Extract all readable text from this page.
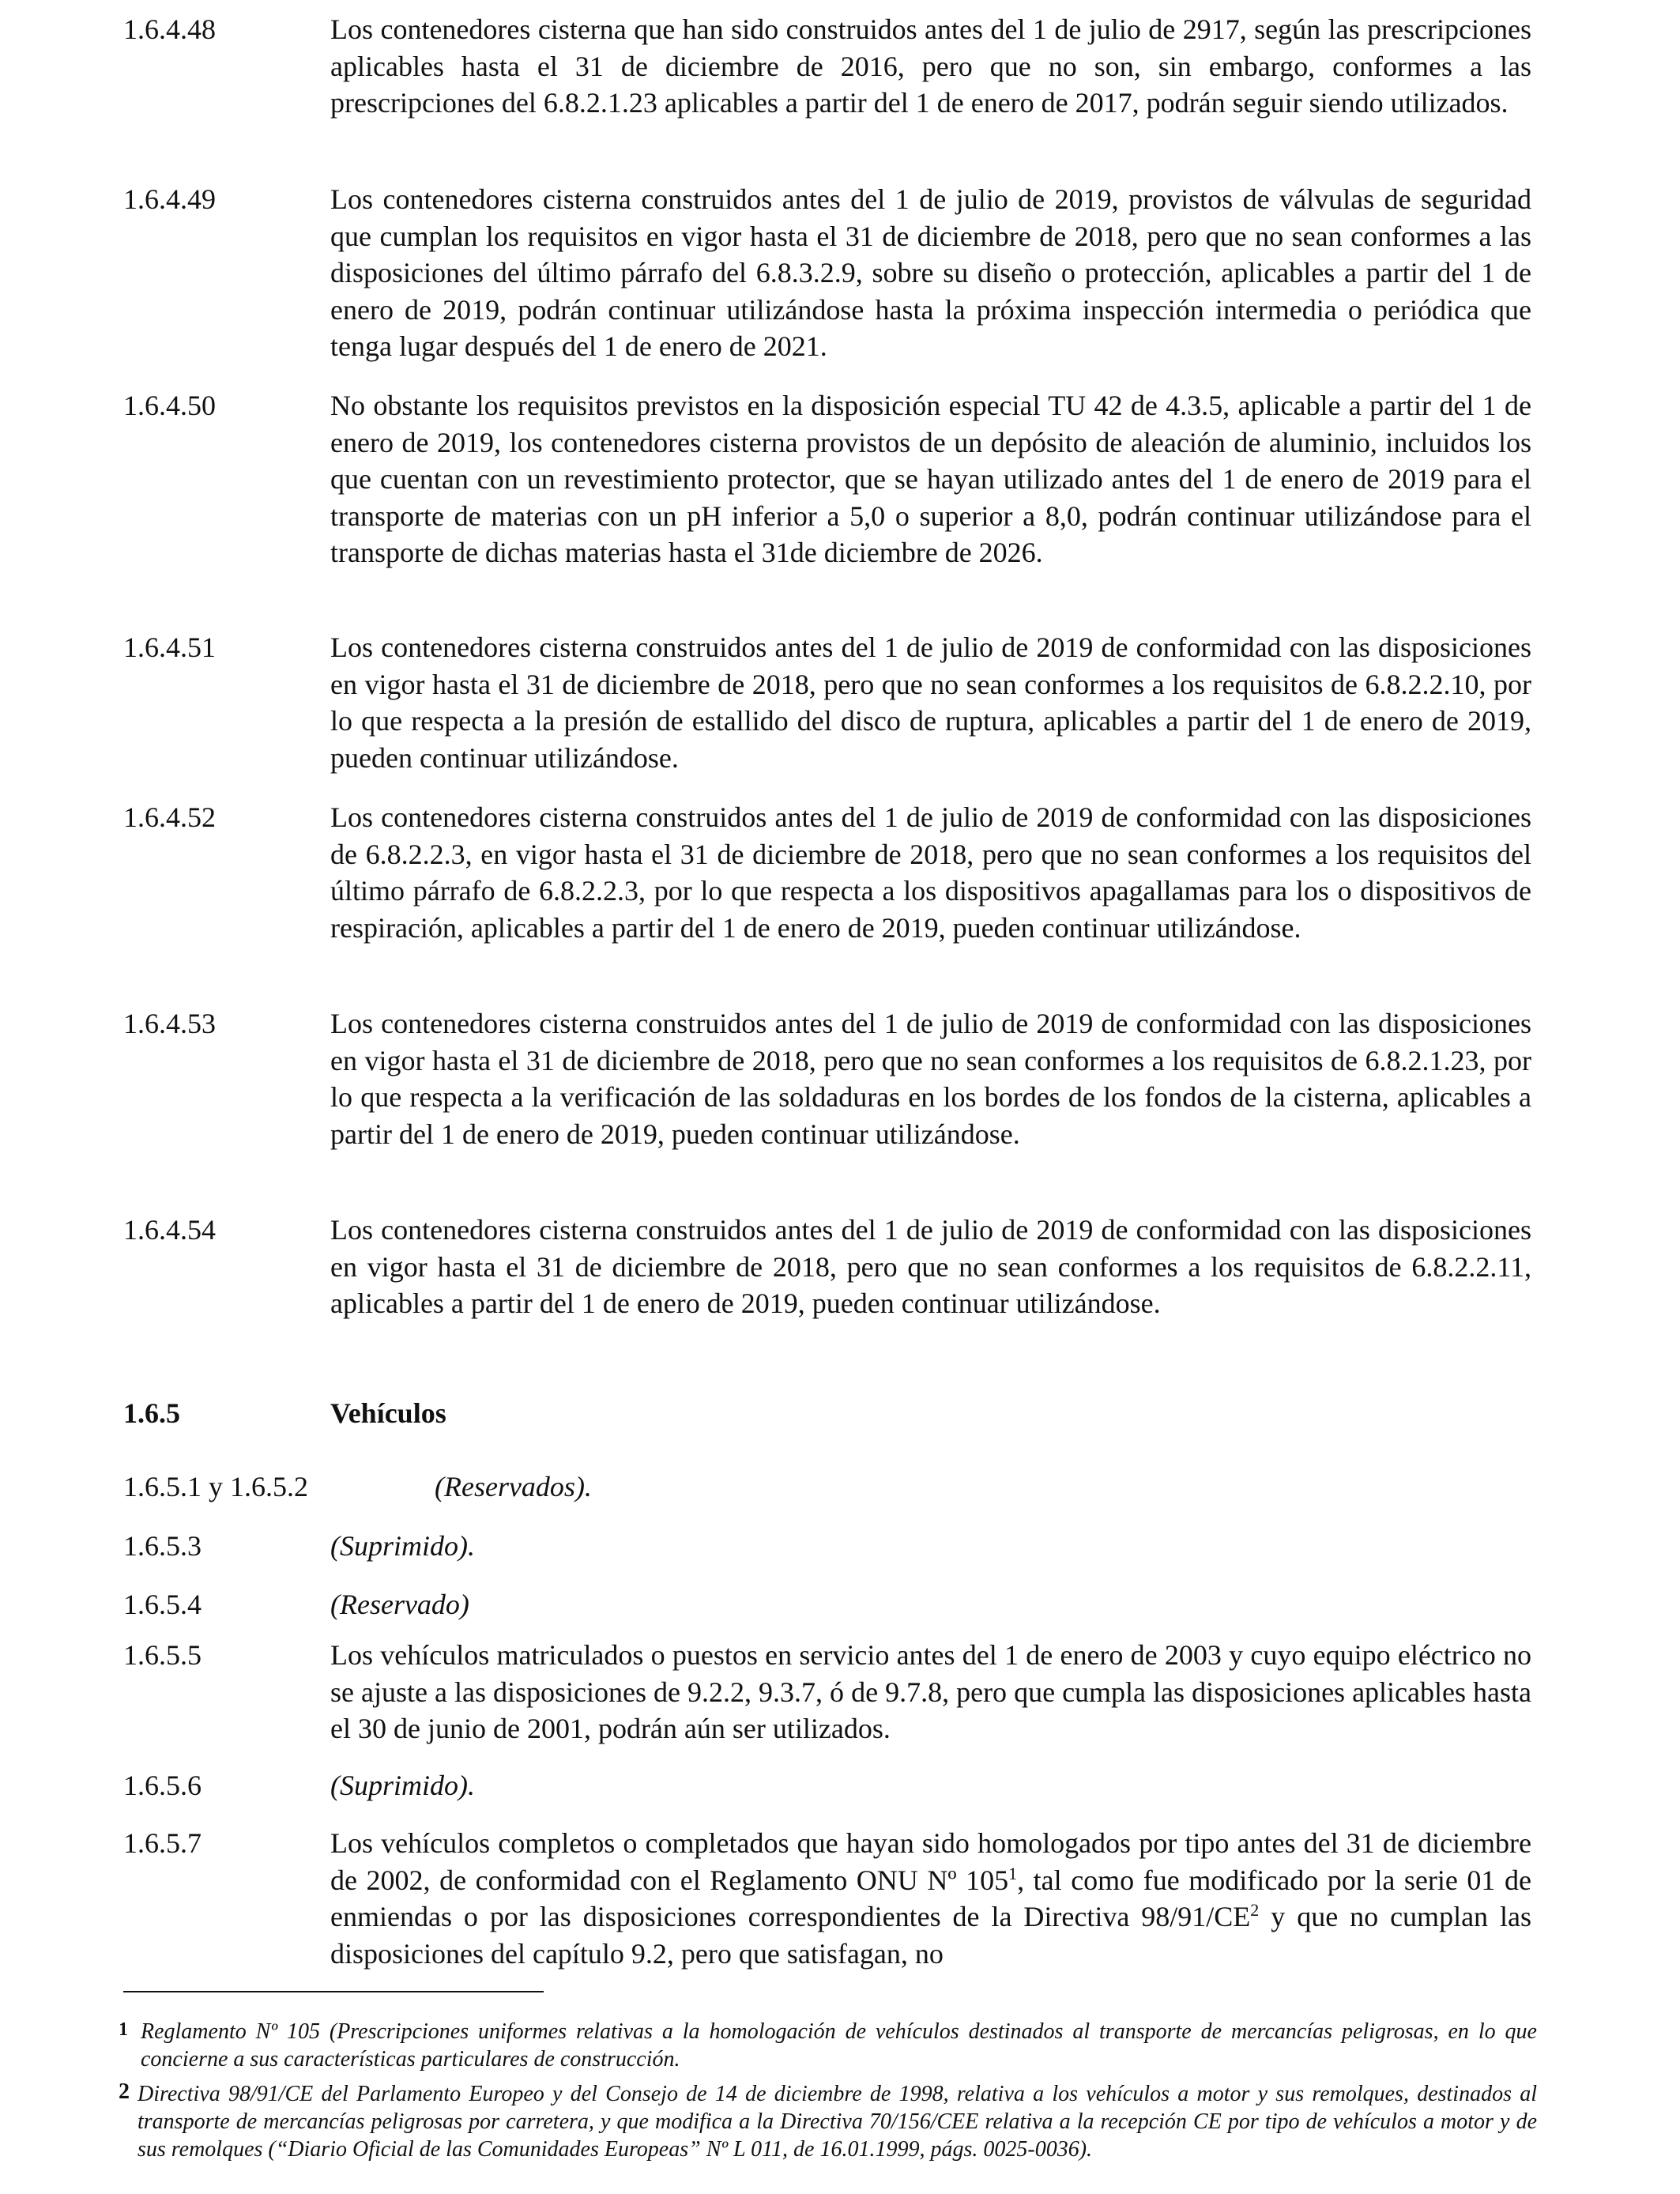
1.6.4.48	Los contenedores cisterna que han sido construidos antes del 1 de julio de 2917, según las prescripciones aplicables hasta el 31 de diciembre de 2016, pero que no son, sin embargo, conformes a las prescripciones del 6.8.2.1.23 aplicables a partir del 1 de enero de 2017, podrán seguir siendo utilizados.
1.6.4.49	Los contenedores cisterna construidos antes del 1 de julio de 2019, provistos de válvulas de seguridad que cumplan los requisitos en vigor hasta el 31 de diciembre de 2018, pero que no sean conformes a las disposiciones del último párrafo del 6.8.3.2.9, sobre su diseño o protección, aplicables a partir del 1 de enero de 2019, podrán continuar utilizándose hasta la próxima inspección intermedia o periódica que tenga lugar después del 1 de enero de 2021.
1.6.4.50	No obstante los requisitos previstos en la disposición especial TU 42 de 4.3.5, aplicable a partir del 1 de enero de 2019, los contenedores cisterna provistos de un depósito de aleación de aluminio, incluidos los que cuentan con un revestimiento protector, que se hayan utilizado antes del 1 de enero de 2019 para el transporte de materias con un pH inferior a 5,0 o superior a 8,0, podrán continuar utilizándose para el transporte de dichas materias hasta el 31de diciembre de 2026.
1.6.4.51	Los contenedores cisterna construidos antes del 1 de julio de 2019 de conformidad con las disposiciones en vigor hasta el 31 de diciembre de 2018, pero que no sean conformes a los requisitos de 6.8.2.2.10, por lo que respecta a la presión de estallido del disco de ruptura, aplicables a partir del 1 de enero de 2019, pueden continuar utilizándose.
1.6.4.52	Los contenedores cisterna construidos antes del 1 de julio de 2019 de conformidad con las disposiciones de 6.8.2.2.3, en vigor hasta el 31 de diciembre de 2018, pero que no sean conformes a los requisitos del último párrafo de 6.8.2.2.3, por lo que respecta a los dispositivos apagallamas para los o dispositivos de respiración, aplicables a partir del 1 de enero de 2019, pueden continuar utilizándose.
1.6.4.53	Los contenedores cisterna construidos antes del 1 de julio de 2019 de conformidad con las disposiciones en vigor hasta el 31 de diciembre de 2018, pero que no sean conformes a los requisitos de 6.8.2.1.23, por lo que respecta a la verificación de las soldaduras en los bordes de los fondos de la cisterna, aplicables a partir del 1 de enero de 2019, pueden continuar utilizándose.
1.6.4.54	Los contenedores cisterna construidos antes del 1 de julio de 2019 de conformidad con las disposiciones en vigor hasta el 31 de diciembre de 2018, pero que no sean conformes a los requisitos de 6.8.2.2.11, aplicables a partir del 1 de enero de 2019, pueden continuar utilizándose.
1.6.5	Vehículos
1.6.5.1 y 1.6.5.2	(Reservados).
1.6.5.3	(Suprimido).
1.6.5.4	(Reservado)
1.6.5.5	Los vehículos matriculados o puestos en servicio antes del 1 de enero de 2003 y cuyo equipo eléctrico no se ajuste a las disposiciones de 9.2.2, 9.3.7, ó de 9.7.8, pero que cumpla las disposiciones aplicables hasta el 30 de junio de 2001, podrán aún ser utilizados.
1.6.5.6	(Suprimido).
1.6.5.7	Los vehículos completos o completados que hayan sido homologados por tipo antes del 31 de diciembre de 2002, de conformidad con el Reglamento ONU Nº $105^1$, tal como fue modificado por la serie 01 de enmiendas o por las disposiciones correspondientes de la Directiva $98/91/CE^2$ y que no cumplan las disposiciones del capítulo 9.2, pero que satisfagan, no
1 Reglamento Nº 105 (Prescripciones uniformes relativas a la homologación de vehículos destinados al transporte de mercancías peligrosas, en lo que concierne a sus características particulares de construcción.
2 Directiva 98/91/CE del Parlamento Europeo y del Consejo de 14 de diciembre de 1998, relativa a los vehículos a motor y sus remolques, destinados al transporte de mercancías peligrosas por carretera, y que modifica a la Directiva 70/156/CEE relativa a la recepción CE por tipo de vehículos a motor y de sus remolques (“Diario Oficial de las Comunidades Europeas” Nº L 011, de 16.01.1999, págs. 0025-0036).
